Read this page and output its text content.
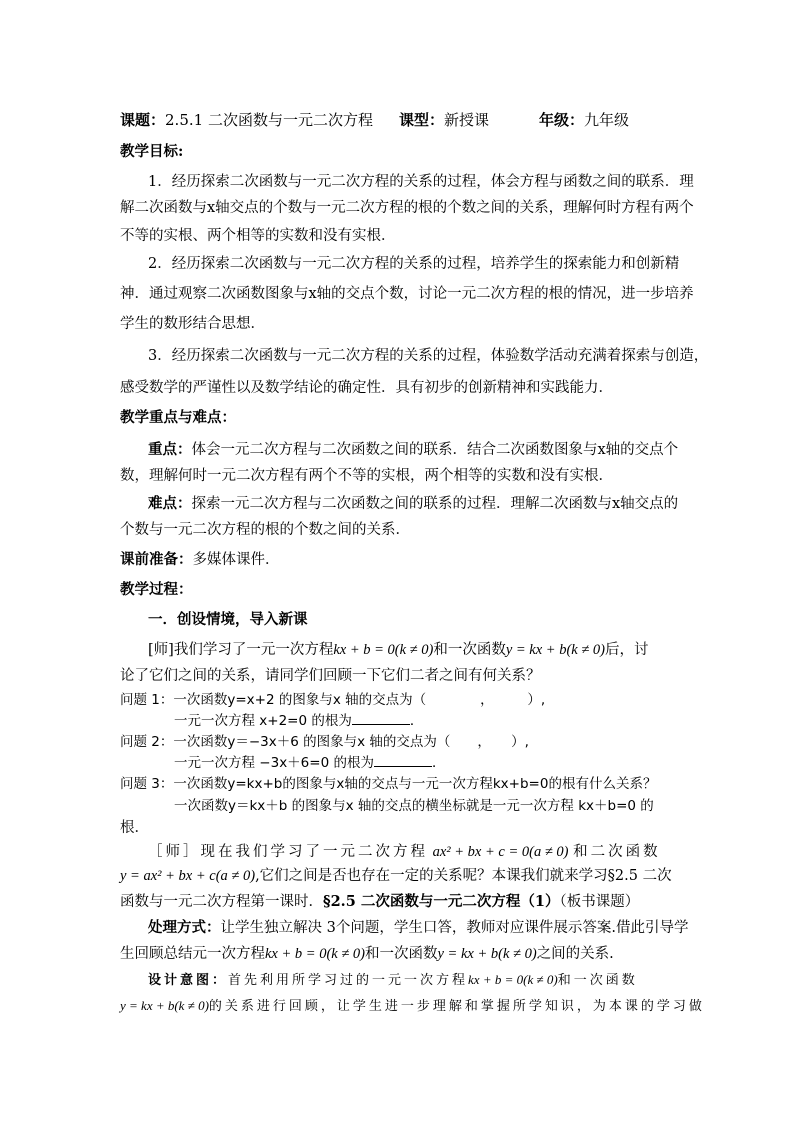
课题：2.5.1 二次函数与一元二次方程 课型：新授课	年级：九年级
教学目标:
1．经历探索二次函数与一元二次方程的关系的过程，体会方程与函数之间的联系．理
解二次函数与x轴交点的个数与一元二次方程的根的个数之间的关系，理解何时方程有两个
不等的实根、两个相等的实数和没有实根．
2．经历探索二次函数与一元二次方程的关系的过程，培养学生的探索能力和创新精
神．通过观察二次函数图象与x轴的交点个数，讨论一元二次方程的根的情况，进一步培养
学生的数形结合思想．
3．经历探索二次函数与一元二次方程的关系的过程，体验数学活动充满着探索与创造，
感受数学的严谨性以及数学结论的确定性．具有初步的创新精神和实践能力．
教学重点与难点：
重点：体会一元二次方程与二次函数之间的联系．结合二次函数图象与x轴的交点个
数，理解何时一元二次方程有两个不等的实根，两个相等的实数和没有实根．
难点：探索一元二次方程与二次函数之间的联系的过程．理解二次函数与x轴交点的
个数与一元二次方程的根的个数之间的关系．
课前准备：多媒体课件．
教学过程：
一．创设情境，导入新课
[师]我们学习了一元一次方程kx + b = 0(k ≠ 0)和一次函数y = kx + b(k ≠ 0)后，讨
论了它们之间的关系，请同学们回顾一下它们二者之间有何关系？
问题 1：一次函数y=x+2 的图象与x 轴的交点为（　　　　，　　　）,
一元一次方程 x+2=0 的根为	．
问题 2：一次函数y＝−3x＋6 的图象与x 轴的交点为（　　，　　）,
一元一次方程 −3x＋6=0 的根为	．
问题 3：一次函数y=kx+b的图象与x轴的交点与一元一次方程kx+b=0的根有什么关系？
一次函数y＝kx＋b 的图象与x 轴的交点的横坐标就是一元一次方程 kx＋b=0 的
根．
［师］现在我们学习了一元二次方程 ax² + bx + c = 0(a ≠ 0) 和二次函数
y = ax² + bx + c(a ≠ 0),它们之间是否也存在一定的关系呢？本课我们就来学习§2.5 二次
函数与一元二次方程第一课时．§2.5 二次函数与一元二次方程（1）（板书课题）
处理方式：让学生独立解决 3个问题，学生口答，教师对应课件展示答案.借此引导学
生回顾总结元一次方程kx + b = 0(k ≠ 0)和一次函数y = kx + b(k ≠ 0)之间的关系.
设计意图：首先利用所学习过的一元一次方程kx + b = 0(k ≠ 0)和一次函数
y = kx + b(k ≠ 0)的关系进行回顾，让学生进一步理解和掌握所学知识，为本课的学习做
